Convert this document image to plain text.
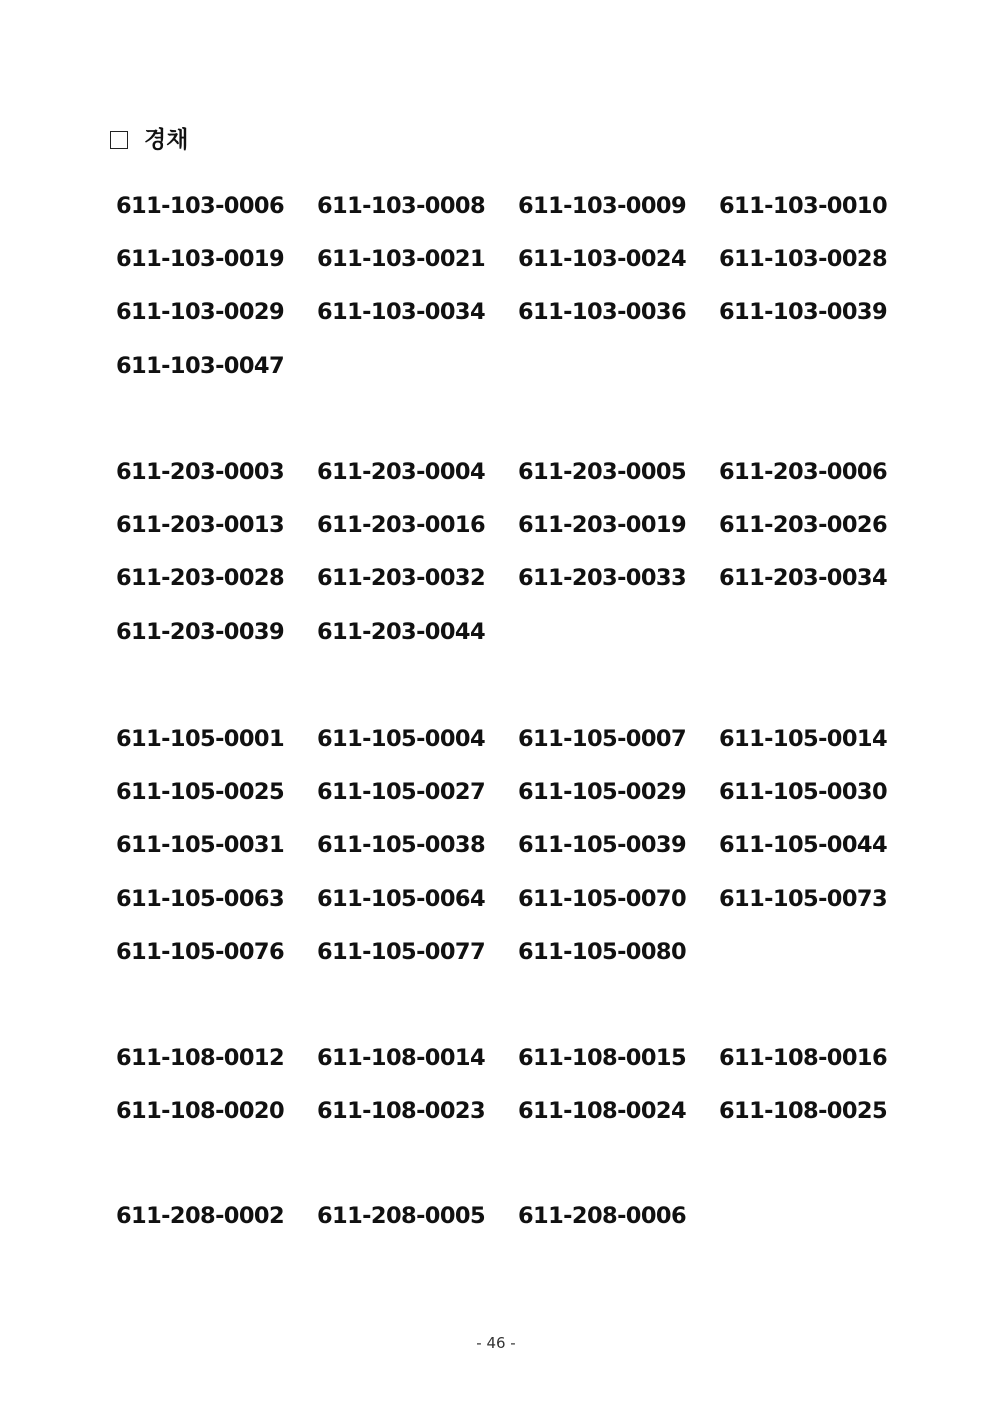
경채
611-103-0006	611-103-0008	611-103-0009	611-103-0010
611-103-0019	611-103-0021	611-103-0024	611-103-0028
611-103-0029	611-103-0034	611-103-0036	611-103-0039
611-103-0047
611-203-0003	611-203-0004	611-203-0005	611-203-0006
611-203-0013	611-203-0016	611-203-0019	611-203-0026
611-203-0028	611-203-0032	611-203-0033	611-203-0034
611-203-0039	611-203-0044
611-105-0001	611-105-0004	611-105-0007	611-105-0014
611-105-0025	611-105-0027	611-105-0029	611-105-0030
611-105-0031	611-105-0038	611-105-0039	611-105-0044
611-105-0063	611-105-0064	611-105-0070	611-105-0073
611-105-0076	611-105-0077	611-105-0080
611-108-0012	611-108-0014	611-108-0015	611-108-0016
611-108-0020	611-108-0023	611-108-0024	611-108-0025
611-208-0002	611-208-0005	611-208-0006
- 46 -
